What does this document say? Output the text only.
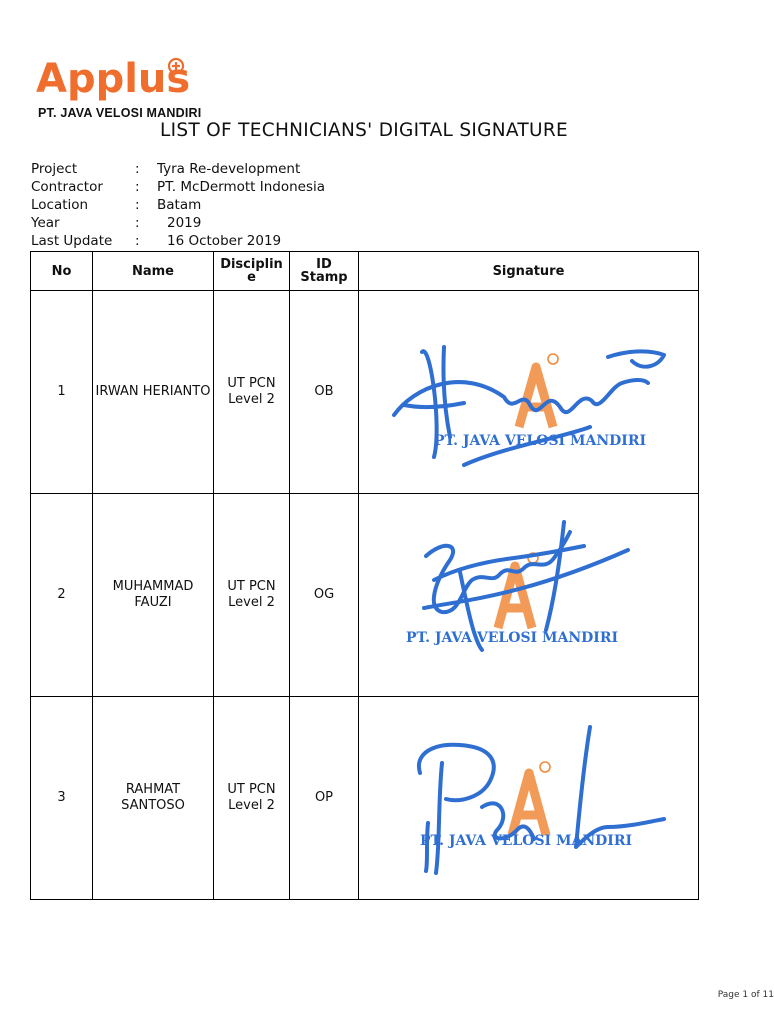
Applus
PT. JAVA VELOSI MANDIRI
LIST OF TECHNICIANS' DIGITAL SIGNATURE
Project	:	Tyra Re-development
Contractor	:	PT. McDermott Indonesia
Location	:	Batam
Year	:	2019
Last Update	:	16 October 2019
No	Name	Disciplin e	ID Stamp	Signature
1	IRWAN HERIANTO	UT PCN Level 2	OB	PT. JAVA VELOSI MANDIRI

2	MUHAMMAD FAUZI	UT PCN Level 2	OG	PT. JAVA VELOSI MANDIRI

3	RAHMAT SANTOSO	UT PCN Level 2	OP	PT. JAVA VELOSI MANDIRI
Page 1 of 11
